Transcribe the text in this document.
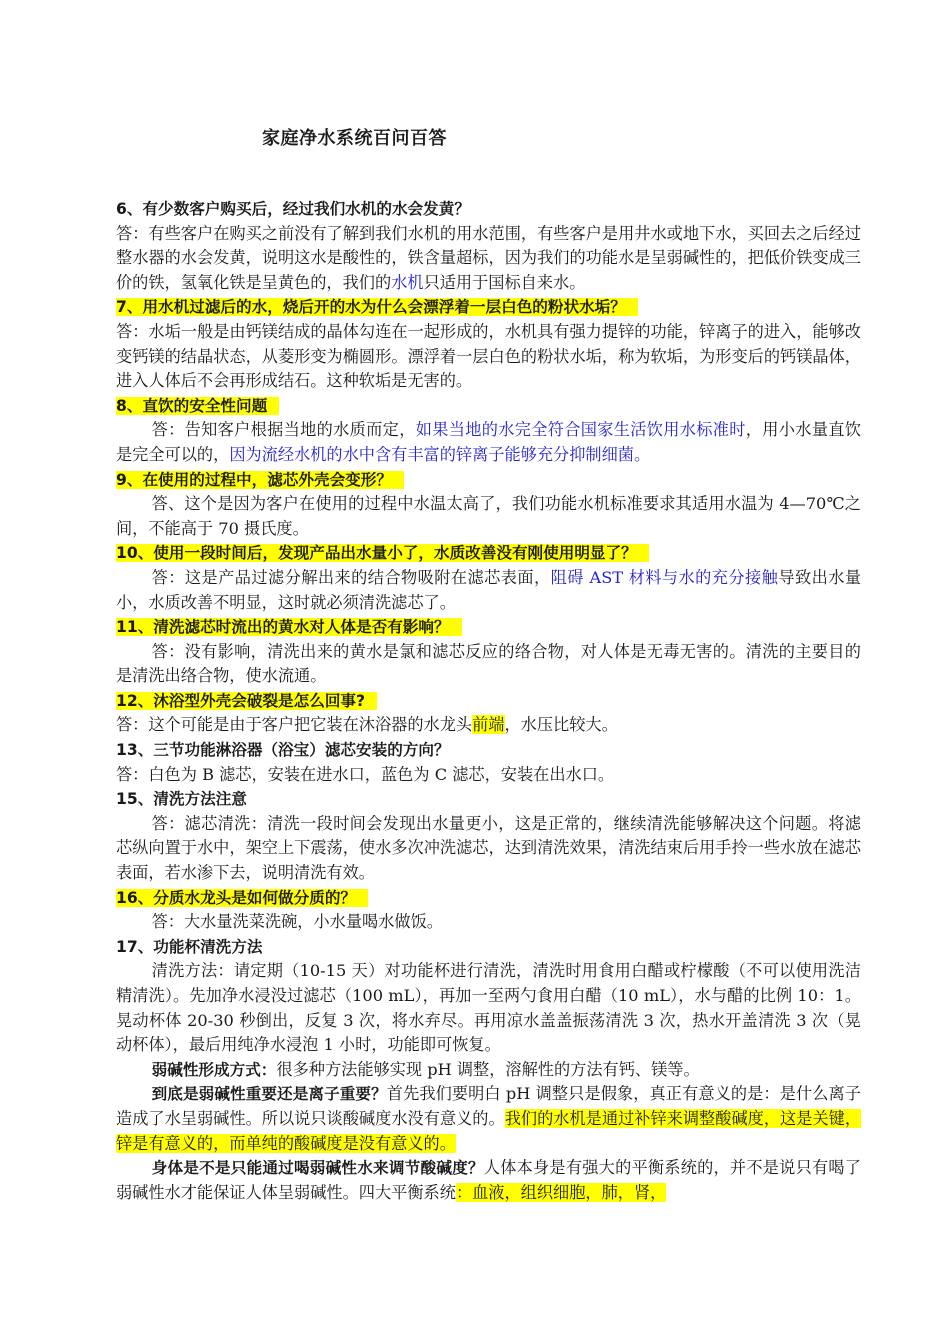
家庭净水系统百问百答

6、有少数客户购买后，经过我们水机的水会发黄？

答：有些客户在购买之前没有了解到我们水机的用水范围，有些客户是用井水或地下水，买回去之后经过整水器的水会发黄，说明这水是酸性的，铁含量超标，因为我们的功能水是呈弱碱性的，把低价铁变成三价的铁，氢氧化铁是呈黄色的，我们的水机只适用于国标自来水。

7、用水机过滤后的水，烧后开的水为什么会漂浮着一层白色的粉状水垢？

答：水垢一般是由钙镁结成的晶体勾连在一起形成的，水机具有强力提锌的功能，锌离子的进入，能够改变钙镁的结晶状态，从菱形变为椭圆形。漂浮着一层白色的粉状水垢，称为软垢，为形变后的钙镁晶体，进入人体后不会再形成结石。这种软垢是无害的。

8、直饮的安全性问题

答：告知客户根据当地的水质而定，如果当地的水完全符合国家生活饮用水标准时，用小水量直饮是完全可以的，因为流经水机的水中含有丰富的锌离子能够充分抑制细菌。

9、在使用的过程中，滤芯外壳会变形？

答、这个是因为客户在使用的过程中水温太高了，我们功能水机标准要求其适用水温为 4—70℃之间，不能高于 70 摄氏度。

10、使用一段时间后，发现产品出水量小了，水质改善没有刚使用明显了？

答：这是产品过滤分解出来的结合物吸附在滤芯表面，阻碍 AST 材料与水的充分接触导致出水量小，水质改善不明显，这时就必须清洗滤芯了。

11、清洗滤芯时流出的黄水对人体是否有影响？

答：没有影响，清洗出来的黄水是氯和滤芯反应的络合物，对人体是无毒无害的。清洗的主要目的是清洗出络合物，使水流通。

12、沐浴型外壳会破裂是怎么回事?

答：这个可能是由于客户把它装在沐浴器的水龙头前端，水压比较大。

13、三节功能淋浴器（浴宝）滤芯安装的方向？

答：白色为 B 滤芯，安装在进水口，蓝色为 C 滤芯，安装在出水口。

15、清洗方法注意

答：滤芯清洗：清洗一段时间会发现出水量更小，这是正常的，继续清洗能够解决这个问题。将滤芯纵向置于水中，架空上下震荡，使水多次冲洗滤芯，达到清洗效果，清洗结束后用手拎一些水放在滤芯表面，若水渗下去，说明清洗有效。

16、分质水龙头是如何做分质的？

答：大水量洗菜洗碗，小水量喝水做饭。

17、功能杯清洗方法

清洗方法：请定期（10-15 天）对功能杯进行清洗，清洗时用食用白醋或柠檬酸（不可以使用洗洁精清洗）。先加净水浸没过滤芯（100 mL），再加一至两勺食用白醋（10 mL），水与醋的比例 10：1。晃动杯体 20-30 秒倒出，反复 3 次，将水弃尽。再用凉水盖盖振荡清洗 3 次，热水开盖清洗 3 次（晃动杯体），最后用纯净水浸泡 1 小时，功能即可恢复。

弱碱性形成方式：很多种方法能够实现 pH 调整，溶解性的方法有钙、镁等。

到底是弱碱性重要还是离子重要？首先我们要明白 pH 调整只是假象，真正有意义的是：是什么离子造成了水呈弱碱性。所以说只谈酸碱度水没有意义的。我们的水机是通过补锌来调整酸碱度，这是关键，锌是有意义的，而单纯的酸碱度是没有意义的。

身体是不是只能通过喝弱碱性水来调节酸碱度？人体本身是有强大的平衡系统的，并不是说只有喝了弱碱性水才能保证人体呈弱碱性。四大平衡系统：血液，组织细胞，肺，肾，
